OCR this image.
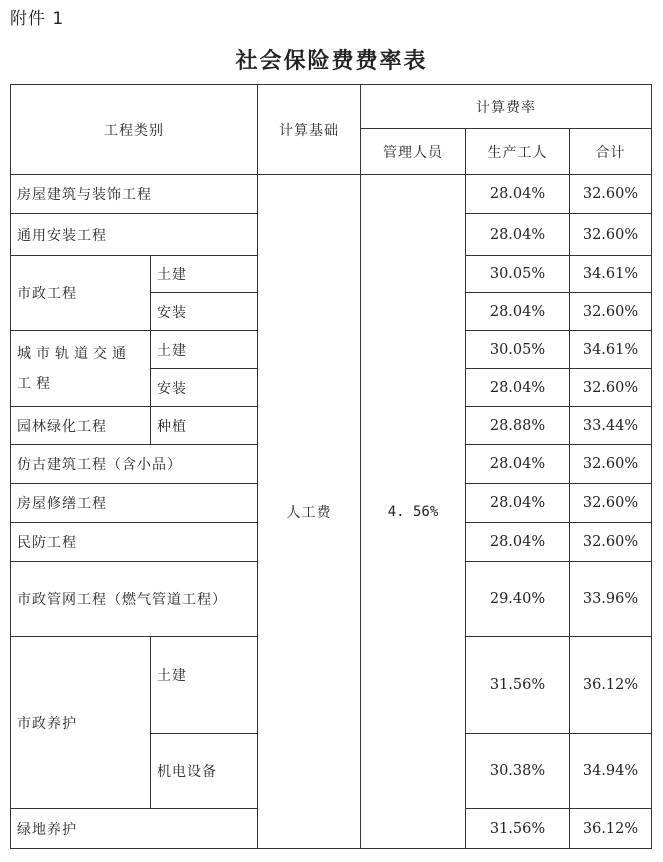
附件 1
社会保险费费率表
工程类别		计算基础	计算费率		
			管理人员	生产工人	合计
房屋建筑与装饰工程		人工费	4. 56%	28.04%	32.60%
通用安装工程				28.04%	32.60%
市政工程	土建			30.05%	34.61%
	安装			28.04%	32.60%
城市轨道交通工程	土建			30.05%	34.61%
	安装			28.04%	32.60%
园林绿化工程	种植			28.88%	33.44%
仿古建筑工程（含小品）				28.04%	32.60%
房屋修缮工程				28.04%	32.60%
民防工程				28.04%	32.60%
市政管网工程（燃气管道工程）				29.40%	33.96%
市政养护	土建			31.56%	36.12%
	机电设备			30.38%	34.94%
绿地养护				31.56%	36.12%
